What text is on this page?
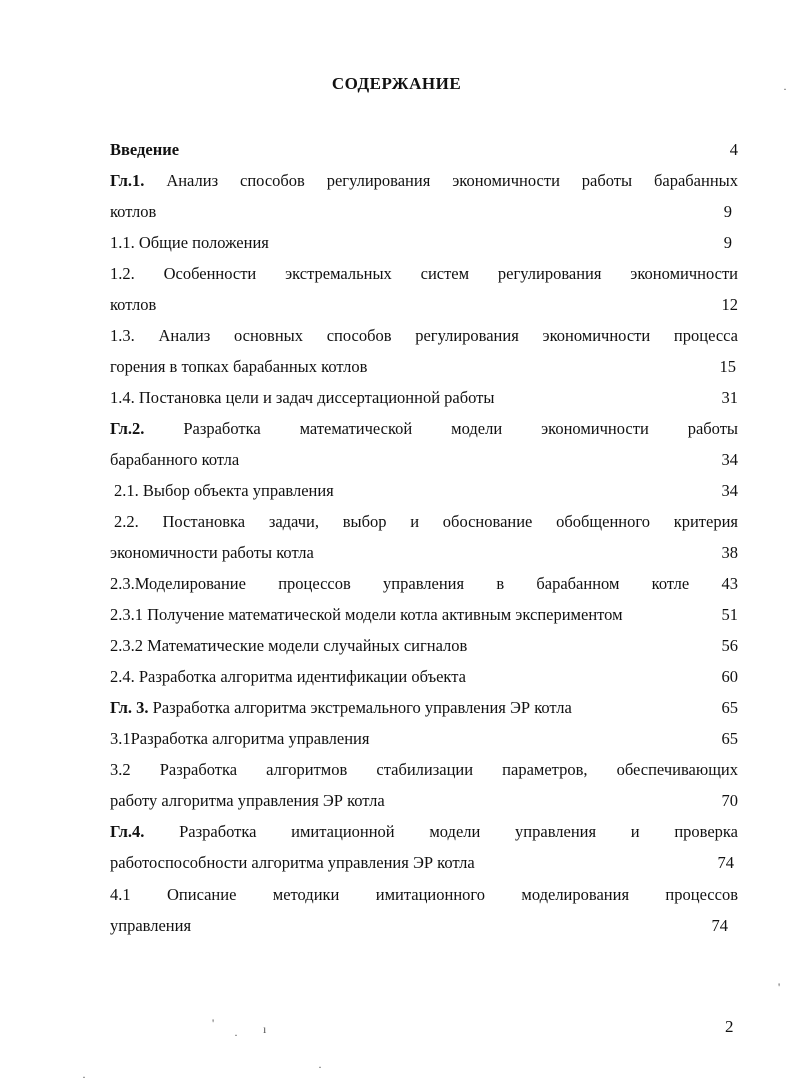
СОДЕРЖАНИЕ
Введение	4
Гл.1. Анализ способов регулирования экономичности работы барабанных
котлов	9
1.1. Общие положения	9
1.2. Особенности экстремальных систем регулирования экономичности
котлов	12
1.3. Анализ основных способов регулирования экономичности процесса
горения в топках барабанных котлов	15
1.4. Постановка цели и задач диссертационной работы	31
Гл.2. Разработка математической модели экономичности работы
барабанного котла	34
2.1. Выбор объекта управления	34
2.2. Постановка задачи, выбор и обоснование обобщенного критерия
экономичности работы котла	38
2.3.Моделирование процессов управления в барабанном котле 43
2.3.1 Получение математической модели котла активным экспериментом	51
2.3.2 Математические модели случайных сигналов	56
2.4. Разработка алгоритма идентификации объекта	60
Гл. 3. Разработка алгоритма экстремального управления ЭР котла	65
3.1Разработка алгоритма управления	65
3.2 Разработка алгоритмов стабилизации параметров, обеспечивающих
работу алгоритма управления ЭР котла	70
Гл.4. Разработка имитационной модели управления и проверка
работоспособности алгоритма управления ЭР котла	74
4.1 Описание методики имитационного моделирования процессов
управления	74
2
·
'
· ı
·
·
'
